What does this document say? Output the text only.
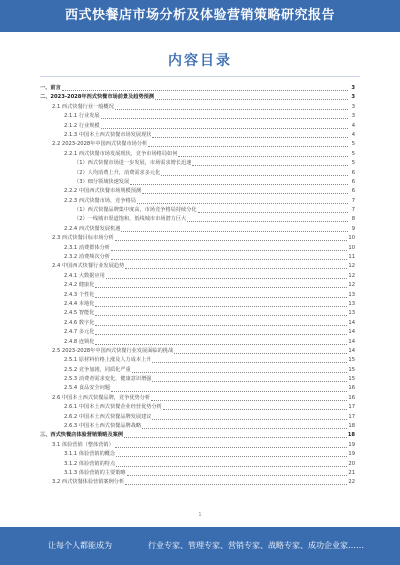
西式快餐店市场分析及体验营销策略研究报告
内容目录
一、前言	3
二、2023-2028年西式快餐市场前景及趋势预测	3
2.1 西式快餐行业一般概况	3
2.1.1 行业发展	3
2.1.2 行业规模	4
2.1.3 中国本土西式快餐市场发展现状	4
2.2 2023-2028年中国西式快餐市场分析	5
2.2.1 西式快餐市场发展现状，竞争市场格局如何	5
（1）西式快餐市场进一步发展，市场需求增长迅速	5
（2）人均消费上升，消费需求多元化	6
（3）细分领域快速发展	6
2.2.2 中国西式快餐市场规模预测	6
2.2.3 西式快餐市场，竞争格局	7
（1）西式快餐品牌集中度高，市场竞争格局持续分化	7
（2）一线城市渠道饱和，低线城市市场潜力巨大	8
2.2.4 西式快餐发展机遇	9
2.3 西式快餐目标市场分析	10
2.3.1 消费群体分析	10
2.3.2 消费频次分析	11
2.4 中国西式快餐行业发展趋势	12
2.4.1 大数据应用	12
2.4.2 健康化	12
2.4.3 个性化	13
2.4.4 本地化	13
2.4.5 智能化	13
2.4.6 数字化	14
2.4.7 多元化	14
2.4.8 连锁化	14
2.5 2023-2028年中国西式快餐行业发展面临的挑战	14
2.5.1 原材料价格上涨及人力成本上升	15
2.5.2 竞争加剧，同质化严重	15
2.5.3 消费者需求变化，健康意识增强	15
2.5.4 食品安全问题	16
2.6 中国本土西式快餐品牌，竞争优势分析	16
2.6.1 中国本土西式快餐企业经营优势分析	17
2.6.2 中国本土西式快餐品牌发展建议	17
2.6.3 中国本土西式快餐品牌战略	18
三、西式快餐店体验营销策略及案例	18
3.1 体验营销（整体营销）	19
3.1.1 体验营销的概念	19
3.1.2 体验营销的特点	20
3.1.3 体验营销的主要策略	21
3.2 西式快餐体验营销案例分析	22
1
让每个人都能成为	行业专家、管理专家、营销专家、战略专家、成功企业家……
